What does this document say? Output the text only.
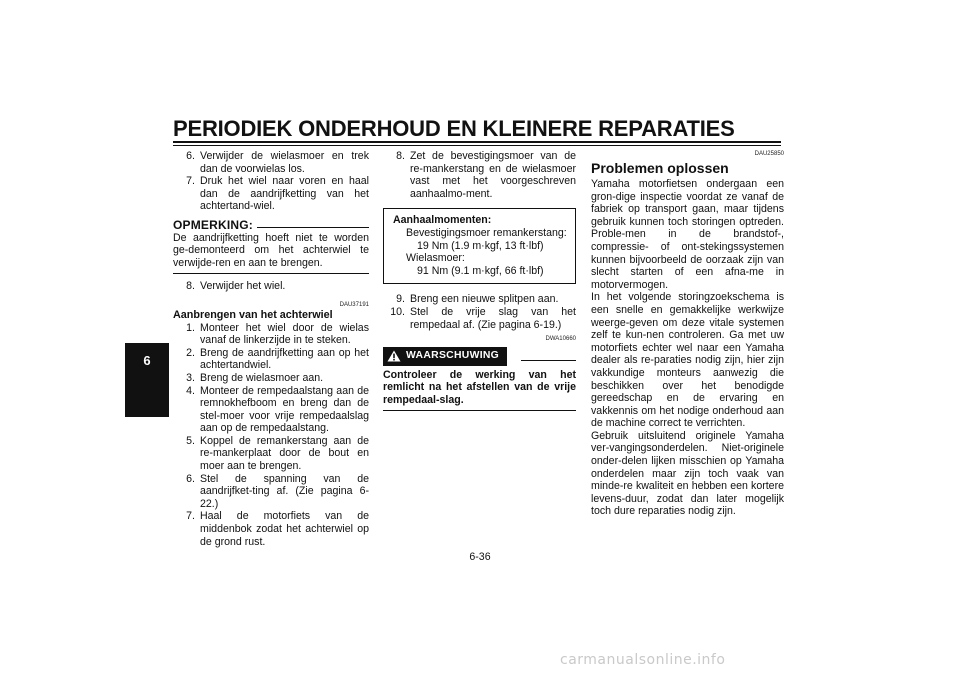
PERIODIEK ONDERHOUD EN KLEINERE REPARATIES
6
6. Verwijder de wielasmoer en trek dan de voorwielas los.
7. Druk het wiel naar voren en haal dan de aandrijfketting van het achtertand-wiel.
OPMERKING:
De aandrijfketting hoeft niet te worden ge-demonteerd om het achterwiel te verwijde-ren en aan te brengen.
8. Verwijder het wiel.
DAU37191
Aanbrengen van het achterwiel
1. Monteer het wiel door de wielas vanaf de linkerzijde in te steken.
2. Breng de aandrijfketting aan op het achtertandwiel.
3. Breng de wielasmoer aan.
4. Monteer de rempedaalstang aan de remnokhefboom en breng dan de stel-moer voor vrije rempedaalslag aan op de rempedaalstang.
5. Koppel de remankerstang aan de re-mankerplaat door de bout en moer aan te brengen.
6. Stel de spanning van de aandrijfket-ting af. (Zie pagina 6-22.)
7. Haal de motorfiets van de middenbok zodat het achterwiel op de grond rust.
8. Zet de bevestigingsmoer van de re-mankerstang en de wielasmoer vast met het voorgeschreven aanhaalmo-ment.
Aanhaalmomenten:
Bevestigingsmoer remankerstang:
19 Nm (1.9 m·kgf, 13 ft·lbf)
Wielasmoer:
91 Nm (9.1 m·kgf, 66 ft·lbf)
9. Breng een nieuwe splitpen aan.
10. Stel de vrije slag van het rempedaal af. (Zie pagina 6-19.)
DWA10660
WAARSCHUWING
Controleer de werking van het remlicht na het afstellen van de vrije rempedaal-slag.
DAU25850
Problemen oplossen
Yamaha motorfietsen ondergaan een gron-dige inspectie voordat ze vanaf de fabriek op transport gaan, maar tijdens gebruik kunnen toch storingen optreden. Proble-men in de brandstof-, compressie- of ont-stekingssystemen kunnen bijvoorbeeld de oorzaak zijn van slecht starten of een afna-me in motorvermogen.
In het volgende storingzoekschema is een snelle en gemakkelijke werkwijze weerge-geven om deze vitale systemen zelf te kun-nen controleren. Ga met uw motorfiets echter wel naar een Yamaha dealer als re-paraties nodig zijn, hier zijn vakkundige monteurs aanwezig die beschikken over het benodigde gereedschap en de ervaring en vakkennis om het nodige onderhoud aan de machine correct te verrichten.
Gebruik uitsluitend originele Yamaha ver-vangingsonderdelen. Niet-originele onder-delen lijken misschien op Yamaha onderdelen maar zijn toch vaak van minde-re kwaliteit en hebben een kortere levens-duur, zodat dan later mogelijk toch dure reparaties nodig zijn.
6-36
carmanualsonline.info
